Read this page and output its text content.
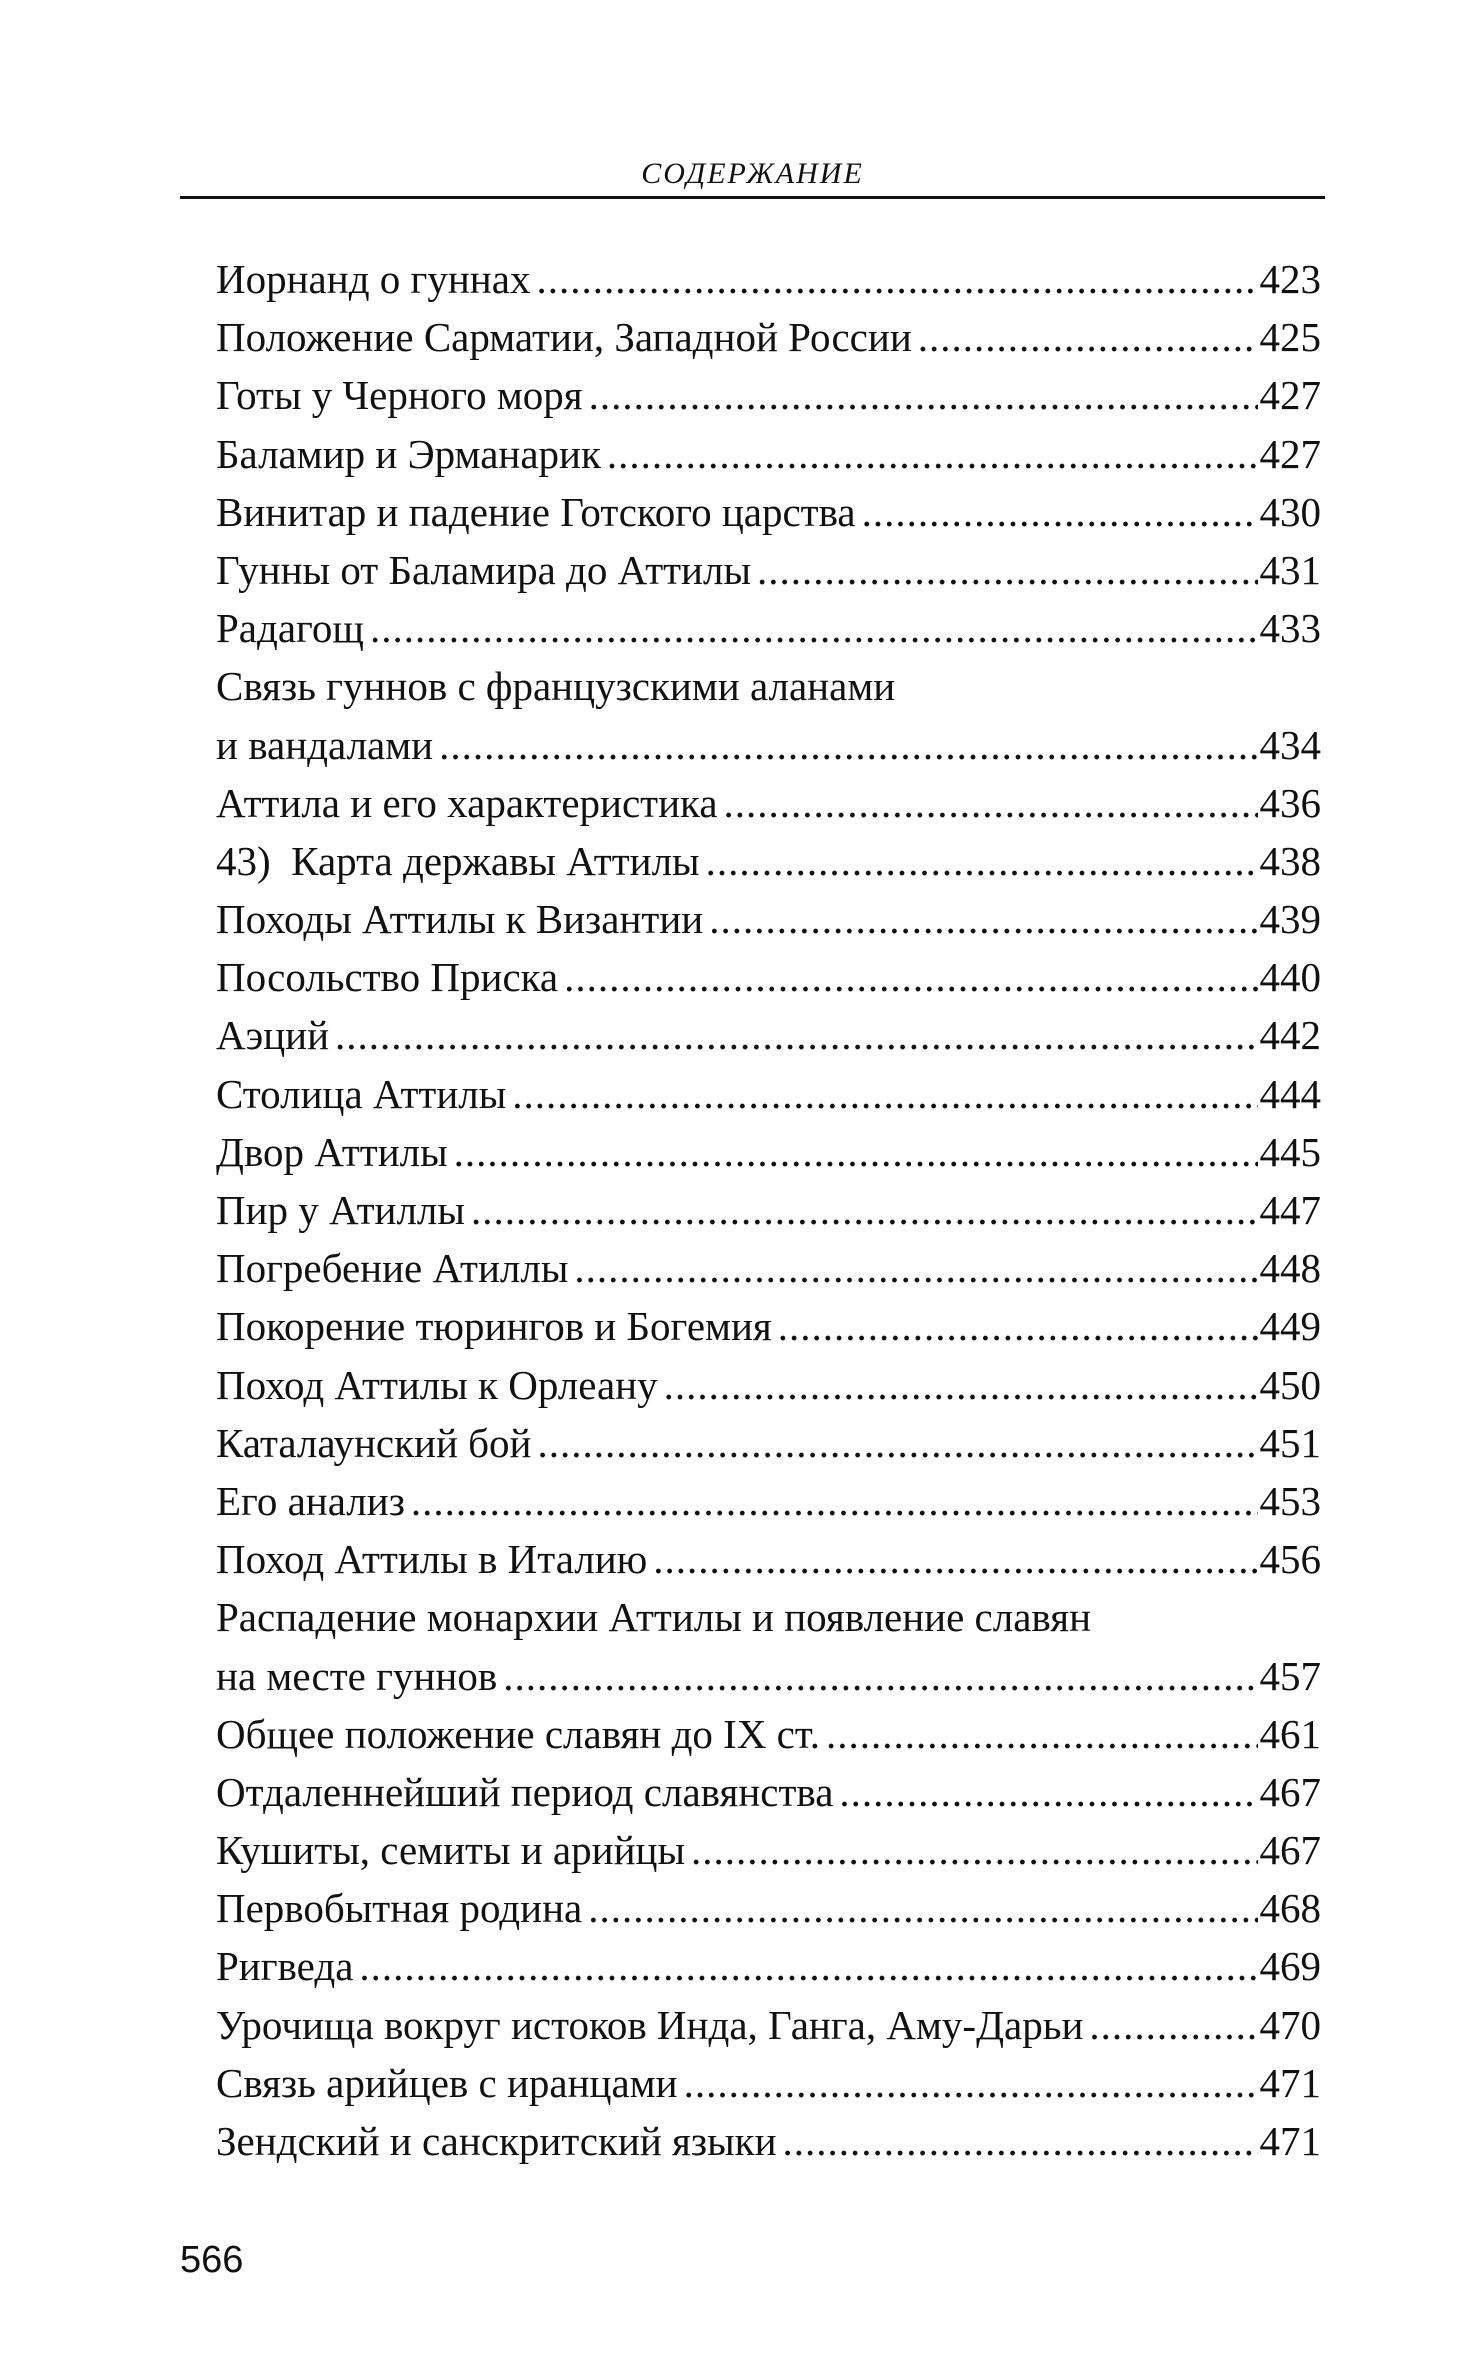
СОДЕРЖАНИЕ
Иорнанд о гуннах .....	423
Положение Сарматии, Западной России .....	425
Готы у Черного моря .....	427
Баламир и Эрманарик .....	427
Винитар и падение Готского царства .....	430
Гунны от Баламира до Аттилы .....	431
Радагощ .....	433
Связь гуннов с французскими аланами
и вандалами .....	434
Аттила и его характеристика .....	436
43)  Карта державы Аттилы .....	438
Походы Аттилы к Византии .....	439
Посольство Приска .....	440
Аэций .....	442
Столица Аттилы .....	444
Двор Аттилы .....	445
Пир у Атиллы .....	447
Погребение Атиллы .....	448
Покорение тюрингов и Богемия .....	449
Поход Аттилы к Орлеану .....	450
Каталаунский бой .....	451
Его анализ .....	453
Поход Аттилы в Италию .....	456
Распадение монархии Аттилы и появление славян
на месте гуннов .....	457
Общее положение славян до IX ст. .....	461
Отдаленнейший период славянства .....	467
Кушиты, семиты и арийцы .....	467
Первобытная родина .....	468
Ригведа .....	469
Урочища вокруг истоков Инда, Ганга, Аму-Дарьи .....	470
Связь арийцев с иранцами .....	471
Зендский и санскритский языки .....	471
566
